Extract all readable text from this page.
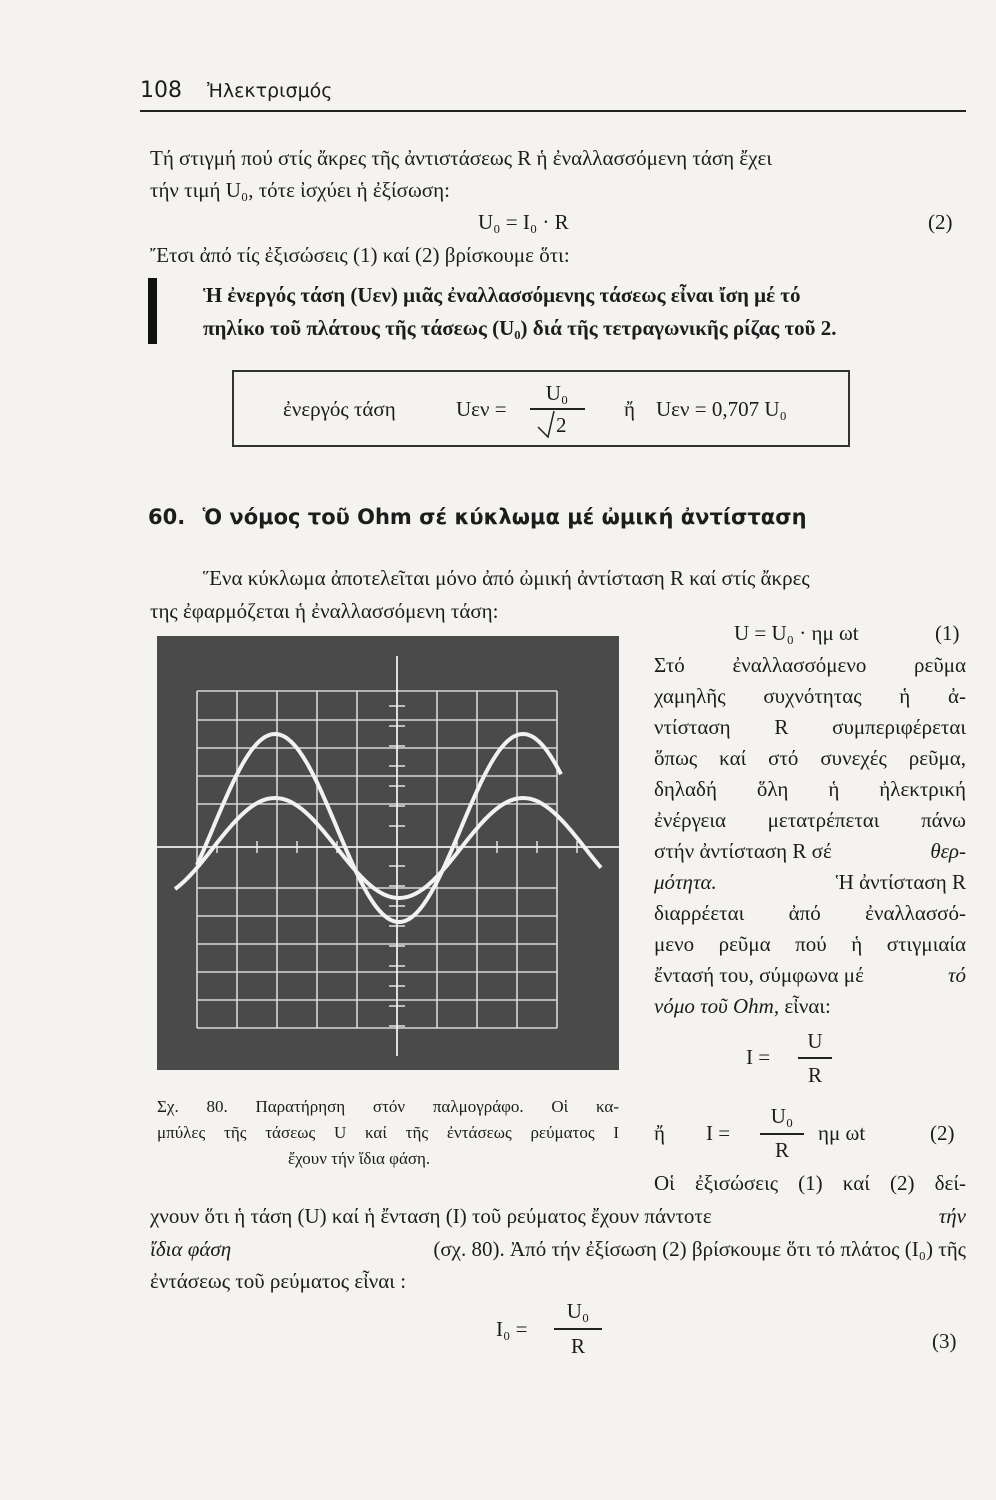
108 Ἠλεκτρισμός
Τή στιγμή πού στίς ἄκρες τῆς ἀντιστάσεως R ἡ ἐναλλασσόμενη τάση ἔχει
τήν τιμή U₀, τότε ἰσχύει ἡ ἐξίσωση:
U₀ = I₀ · R	(2)
Ἔτσι ἀπό τίς ἐξισώσεις (1) καί (2) βρίσκουμε ὅτι:
Ἡ ἐνεργός τάση (Uεν) μιᾶς ἐναλλασσόμενης τάσεως εἶναι ἴση μέ τό
πηλίκο τοῦ πλάτους τῆς τάσεως (U₀) διά τῆς τετραγωνικῆς ρίζας τοῦ 2.
ἐνεργός τάση	Uεν =
U₀
2
ἤ Uεν = 0,707 U₀
60. Ὁ νόμος τοῦ Ohm σέ κύκλωμα μέ ὠμική ἀντίσταση
Ἕνα κύκλωμα ἀποτελεῖται μόνο ἀπό ὠμική ἀντίσταση R καί στίς ἄκρες
της ἐφαρμόζεται ἡ ἐναλλασσόμενη τάση:
U = U₀ · ημ ωt	(1)
Στό ἐναλλασσόμενο ρεῦμα
χαμηλῆς συχνότητας ἡ ἀ-
ντίσταση R συμπεριφέρεται
ὅπως καί στό συνεχές ρεῦμα,
δηλαδή ὅλη ἡ ἠλεκτρική
ἐνέργεια μετατρέπεται πάνω
στήν ἀντίσταση R σέ	θερ-
μότητα.	Ἡ ἀντίσταση R
διαρρέεται ἀπό ἐναλλασσό-
μενο ρεῦμα πού ἡ στιγμιαία
ἔντασή του, σύμφωνα μέ	τό
νόμο τοῦ Ohm, εἶναι:
I =
U
R
Σχ. 80. Παρατήρηση στόν παλμογράφο. Οἱ κα-
μπύλες τῆς τάσεως U καί τῆς ἐντάσεως ρεύματος I
ἔχουν τήν ἴδια φάση.
ἤ I =
U₀
R
ημ ωt	(2)
Οἱ ἐξισώσεις (1) καί (2) δεί-
χνουν ὅτι ἡ τάση (U) καί ἡ ἔνταση (I) τοῦ ρεύματος ἔχουν πάντοτε	τήν
ἴδια φάση	(σχ. 80). Ἀπό τήν ἐξίσωση (2) βρίσκουμε ὅτι τό πλάτος (I₀) τῆς
ἐντάσεως τοῦ ρεύματος εἶναι :
I₀ =
U₀
R	(3)
